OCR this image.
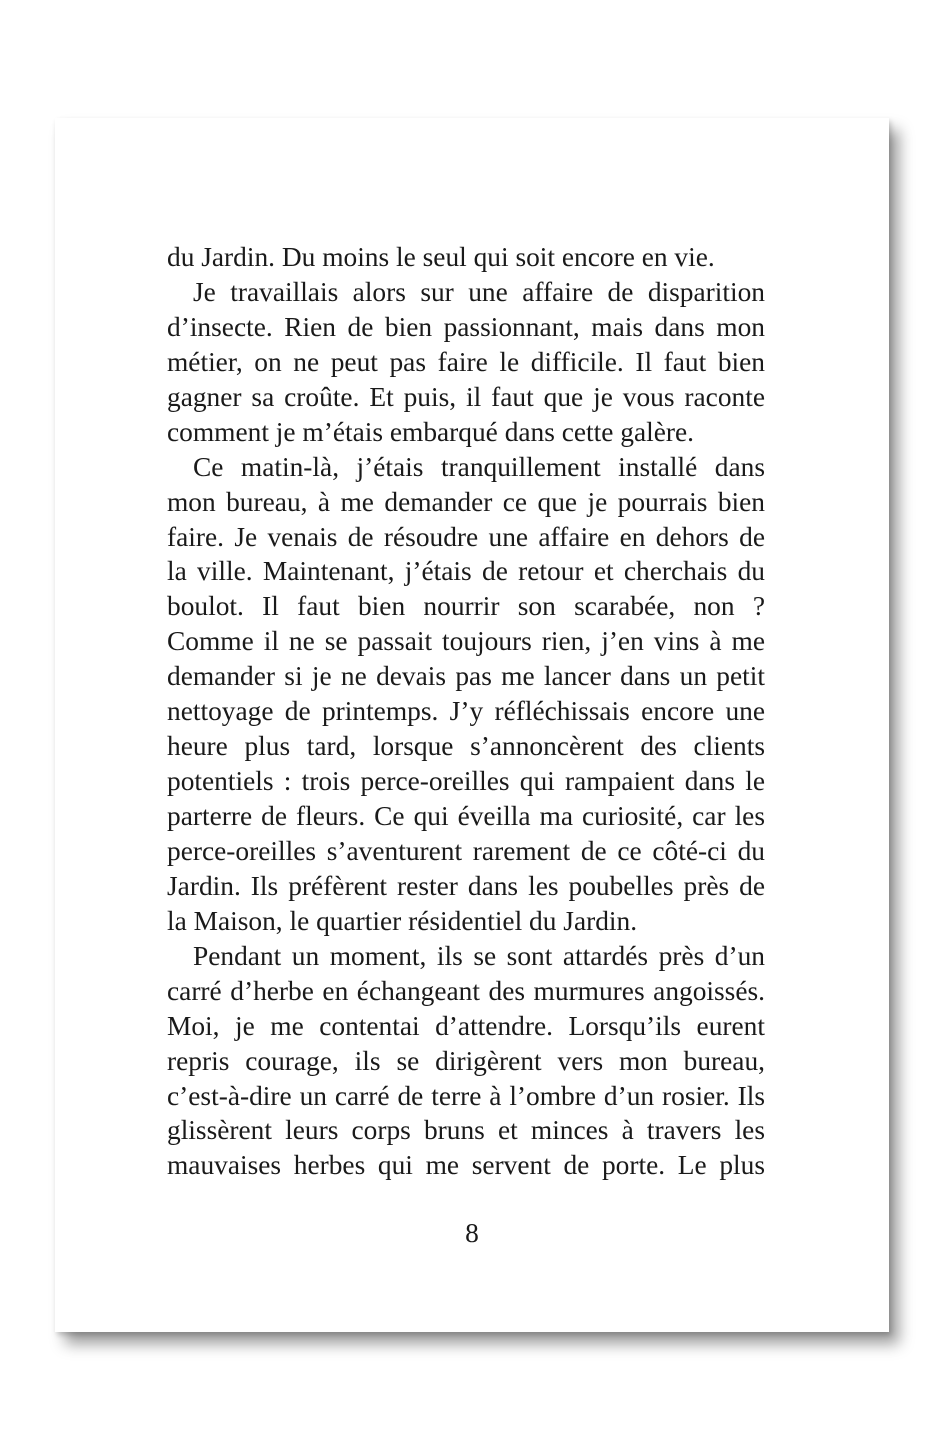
du Jardin. Du moins le seul qui soit encore en vie.
Je travaillais alors sur une affaire de disparition
d’insecte. Rien de bien passionnant, mais dans mon
métier, on ne peut pas faire le difficile. Il faut bien
gagner sa croûte. Et puis, il faut que je vous raconte
comment je m’étais embarqué dans cette galère.
Ce matin-là, j’étais tranquillement installé dans
mon bureau, à me demander ce que je pourrais bien
faire. Je venais de résoudre une affaire en dehors de
la ville. Maintenant, j’étais de retour et cherchais du
boulot. Il faut bien nourrir son scarabée, non ?
Comme il ne se passait toujours rien, j’en vins à me
demander si je ne devais pas me lancer dans un petit
nettoyage de printemps. J’y réfléchissais encore une
heure plus tard, lorsque s’annoncèrent des clients
potentiels : trois perce-oreilles qui rampaient dans le
parterre de fleurs. Ce qui éveilla ma curiosité, car les
perce-oreilles s’aventurent rarement de ce côté-ci du
Jardin. Ils préfèrent rester dans les poubelles près de
la Maison, le quartier résidentiel du Jardin.
Pendant un moment, ils se sont attardés près d’un
carré d’herbe en échangeant des murmures angoissés.
Moi, je me contentai d’attendre. Lorsqu’ils eurent
repris courage, ils se dirigèrent vers mon bureau,
c’est-à-dire un carré de terre à l’ombre d’un rosier. Ils
glissèrent leurs corps bruns et minces à travers les
mauvaises herbes qui me servent de porte. Le plus
8
